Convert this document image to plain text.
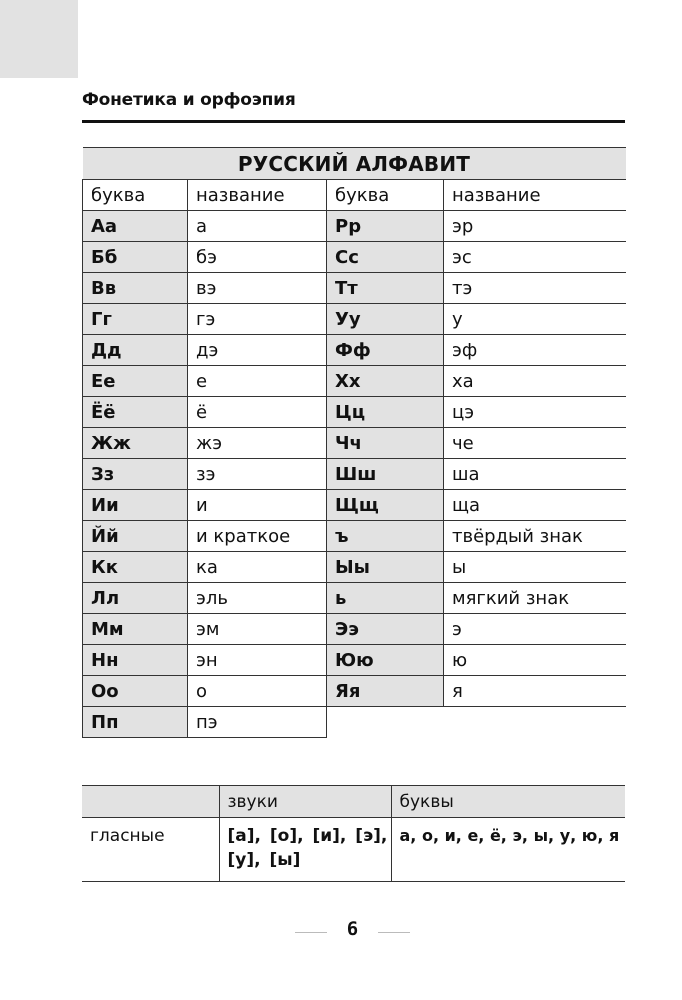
Фонетика и орфоэпия
РУССКИЙ АЛФАВИТ			
буква	название	буква	название
Аа	а	Рр	эр
Бб	бэ	Сс	эс
Вв	вэ	Тт	тэ
Гг	гэ	Уу	у
Дд	дэ	Фф	эф
Ее	е	Хх	ха
Ёё	ё	Цц	цэ
Жж	жэ	Чч	че
Зз	зэ	Шш	ша
Ии	и	Щщ	ща
Йй	и краткое	ъ	твёрдый знак
Кк	ка	Ыы	ы
Лл	эль	ь	мягкий знак
Мм	эм	Ээ	э
Нн	эн	Юю	ю
Оо	о	Яя	я
Пп	пэ		
	звуки	буквы
гласные	[а], [о], [и], [э], [у], [ы]	а, о, и, е, ё, э, ы, у, ю, я
6
